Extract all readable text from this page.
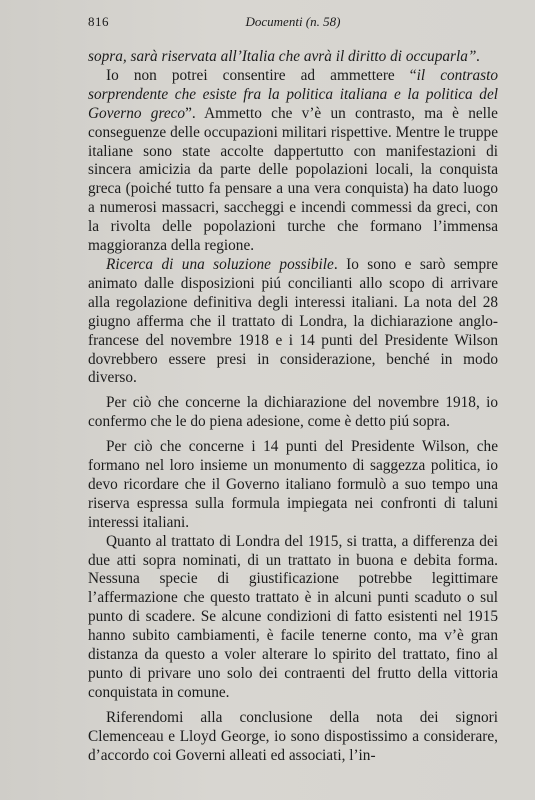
816	Documenti (n. 58)

sopra, sarà riservata all’Italia che avrà il diritto di occuparla”.

Io non potrei consentire ad ammettere “il contrasto sorprendente che esiste fra la politica italiana e la politica del Governo greco”. Ammetto che v’è un contrasto, ma è nelle conseguenze delle occupazioni militari rispettive. Mentre le truppe italiane sono state accolte dappertutto con manifestazioni di sincera amicizia da parte delle popolazioni locali, la conquista greca (poiché tutto fa pensare a una vera conquista) ha dato luogo a numerosi massacri, saccheggi e incendi commessi da greci, con la rivolta delle popolazioni turche che formano l’immensa maggioranza della regione.

Ricerca di una soluzione possibile. Io sono e sarò sempre animato dalle disposizioni piú concilianti allo scopo di arrivare alla regolazione definitiva degli interessi italiani. La nota del 28 giugno afferma che il trattato di Londra, la dichiarazione anglo-francese del novembre 1918 e i 14 punti del Presidente Wilson dovrebbero essere presi in considerazione, benché in modo diverso.

Per ciò che concerne la dichiarazione del novembre 1918, io confermo che le do piena adesione, come è detto piú sopra.

Per ciò che concerne i 14 punti del Presidente Wilson, che formano nel loro insieme un monumento di saggezza politica, io devo ricordare che il Governo italiano formulò a suo tempo una riserva espressa sulla formula impiegata nei confronti di taluni interessi italiani.

Quanto al trattato di Londra del 1915, si tratta, a differenza dei due atti sopra nominati, di un trattato in buona e debita forma. Nessuna specie di giustificazione potrebbe legittimare l’affermazione che questo trattato è in alcuni punti scaduto o sul punto di scadere. Se alcune condizioni di fatto esistenti nel 1915 hanno subito cambiamenti, è facile tenerne conto, ma v’è gran distanza da questo a voler alterare lo spirito del trattato, fino al punto di privare uno solo dei contraenti del frutto della vittoria conquistata in comune.

Riferendomi alla conclusione della nota dei signori Clemenceau e Lloyd George, io sono dispostissimo a considerare, d’accordo coi Governi alleati ed associati, l’in-
